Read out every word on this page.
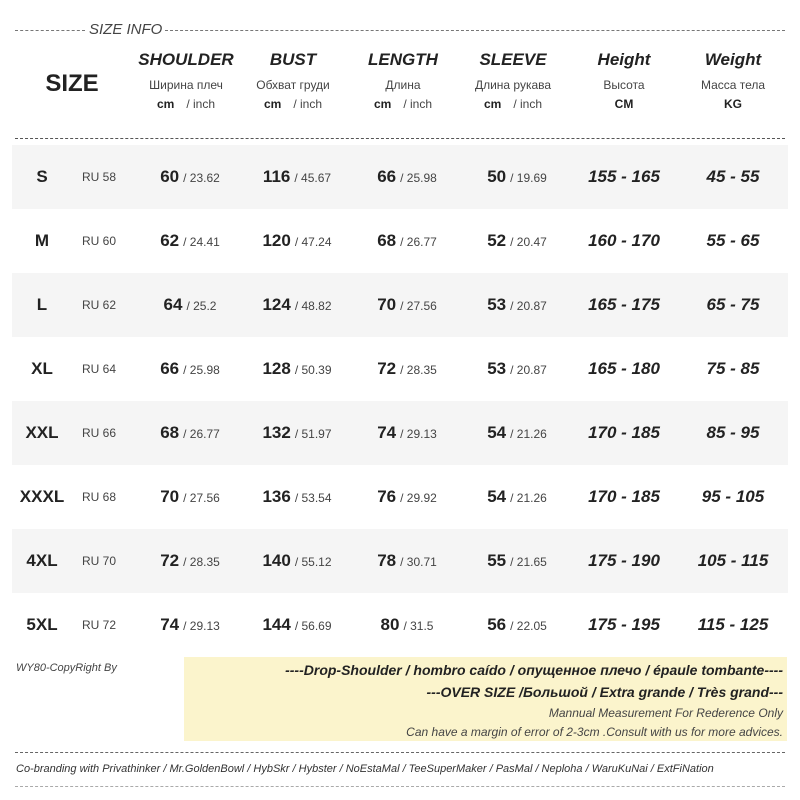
SIZE INFO
SIZE
SHOULDER
Ширина плеч
cm / inch
BUST
Обхват груди
cm / inch
LENGTH
Длина
cm / inch
SLEEVE
Длина рукава
cm / inch
Height
Высота
CM
Weight
Масса тела
KG
S	RU 58	60 / 23.62	116 / 45.67	66 / 25.98	50 / 19.69	155 - 165	45 - 55
M	RU 60	62 / 24.41	120 / 47.24	68 / 26.77	52 / 20.47	160 - 170	55 - 65
L	RU 62	64 / 25.2	124 / 48.82	70 / 27.56	53 / 20.87	165 - 175	65 - 75
XL	RU 64	66 / 25.98	128 / 50.39	72 / 28.35	53 / 20.87	165 - 180	75 - 85
XXL	RU 66	68 / 26.77	132 / 51.97	74 / 29.13	54 / 21.26	170 - 185	85 - 95
XXXL	RU 68	70 / 27.56	136 / 53.54	76 / 29.92	54 / 21.26	170 - 185	95 - 105
4XL	RU 70	72 / 28.35	140 / 55.12	78 / 30.71	55 / 21.65	175 - 190	105 - 115
5XL	RU 72	74 / 29.13	144 / 56.69	80 / 31.5	56 / 22.05	175 - 195	115 - 125
WY80-CopyRight By	----Drop-Shoulder / hombro caído / опущенное плечо / épaule tombante----
---OVER SIZE /Большой / Extra grande / Très grand---
Mannual Measurement For Rederence Only
Can have a margin of error of 2-3cm .Consult with us for more advices.
Co-branding with Privathinker / Mr.GoldenBowl / HybSkr / Hybster / NoEstaMal / TeeSuperMaker / PasMal / Neploha / WaruKuNai / ExtFiNation
